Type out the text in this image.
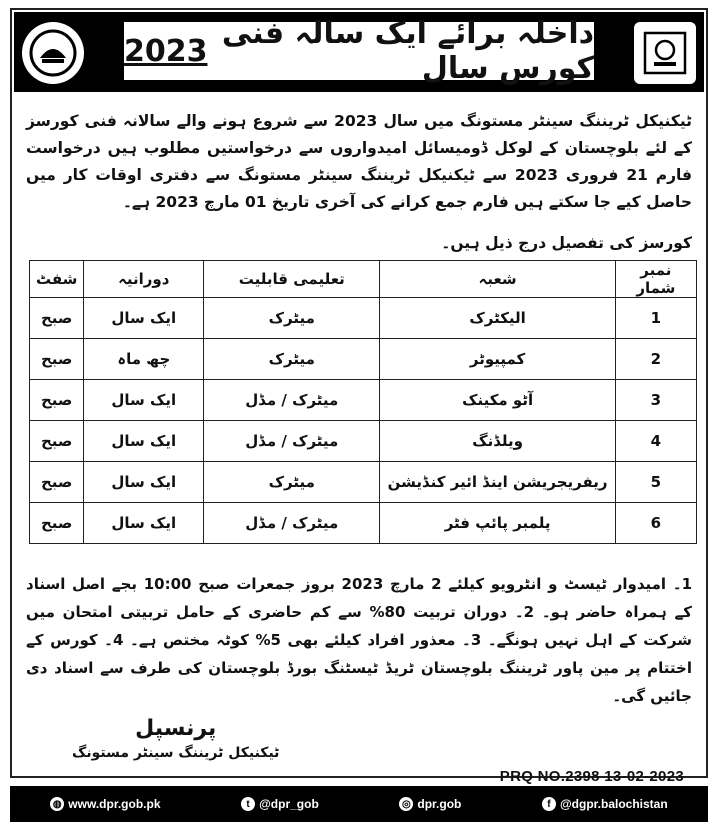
داخلہ برائے ایک سالہ فنی کورس سال

2023
ٹیکنیکل ٹریننگ سینٹر مستونگ میں سال 2023 سے شروع ہونے والے سالانہ فنی کورسز کے لئے بلوچستان کے لوکل ڈومیسائل امیدواروں سے درخواستیں مطلوب ہیں درخواست فارم 21 فروری 2023 سے ٹیکنیکل ٹریننگ سینٹر مستونگ سے دفتری اوقات کار میں حاصل کیے جا سکتے ہیں فارم جمع کرانے کی آخری تاریخ 01 مارچ 2023 ہے۔
کورسز کی تفصیل درج ذیل ہیں۔
نمبر شمار	شعبہ	تعلیمی قابلیت	دورانیہ	شفٹ
1	الیکٹرک	میٹرک	ایک سال	صبح
2	کمپیوٹر	میٹرک	چھ ماہ	صبح
3	آٹو مکینک	میٹرک / مڈل	ایک سال	صبح
4	ویلڈنگ	میٹرک / مڈل	ایک سال	صبح
5	ریفریجریشن اینڈ ائیر کنڈیشن	میٹرک	ایک سال	صبح
6	پلمبر پائپ فٹر	میٹرک / مڈل	ایک سال	صبح
1۔ امیدوار ٹیسٹ و انٹرویو کیلئے 2 مارچ 2023 بروز جمعرات صبح 10:00 بجے اصل اسناد کے ہمراہ حاضر ہو۔ 2۔ دوران تربیت 80% سے کم حاضری کے حامل تربیتی امتحان میں شرکت کے اہل نہیں ہونگے۔ 3۔ معذور افراد کیلئے بھی 5% کوٹہ مختص ہے۔ 4۔ کورس کے اختتام پر مین پاور ٹریننگ بلوچستان ٹریڈ ٹیسٹنگ بورڈ بلوچستان کی طرف سے اسناد دی جائیں گی۔
پرنسپل
ٹیکنیکل ٹریننگ سینٹر مستونگ
PRQ NO.2398 13-02-2023
◍ www.dpr.gob.pk	t @dpr_gob	◎ dpr.gob	f @dgpr.balochistan
